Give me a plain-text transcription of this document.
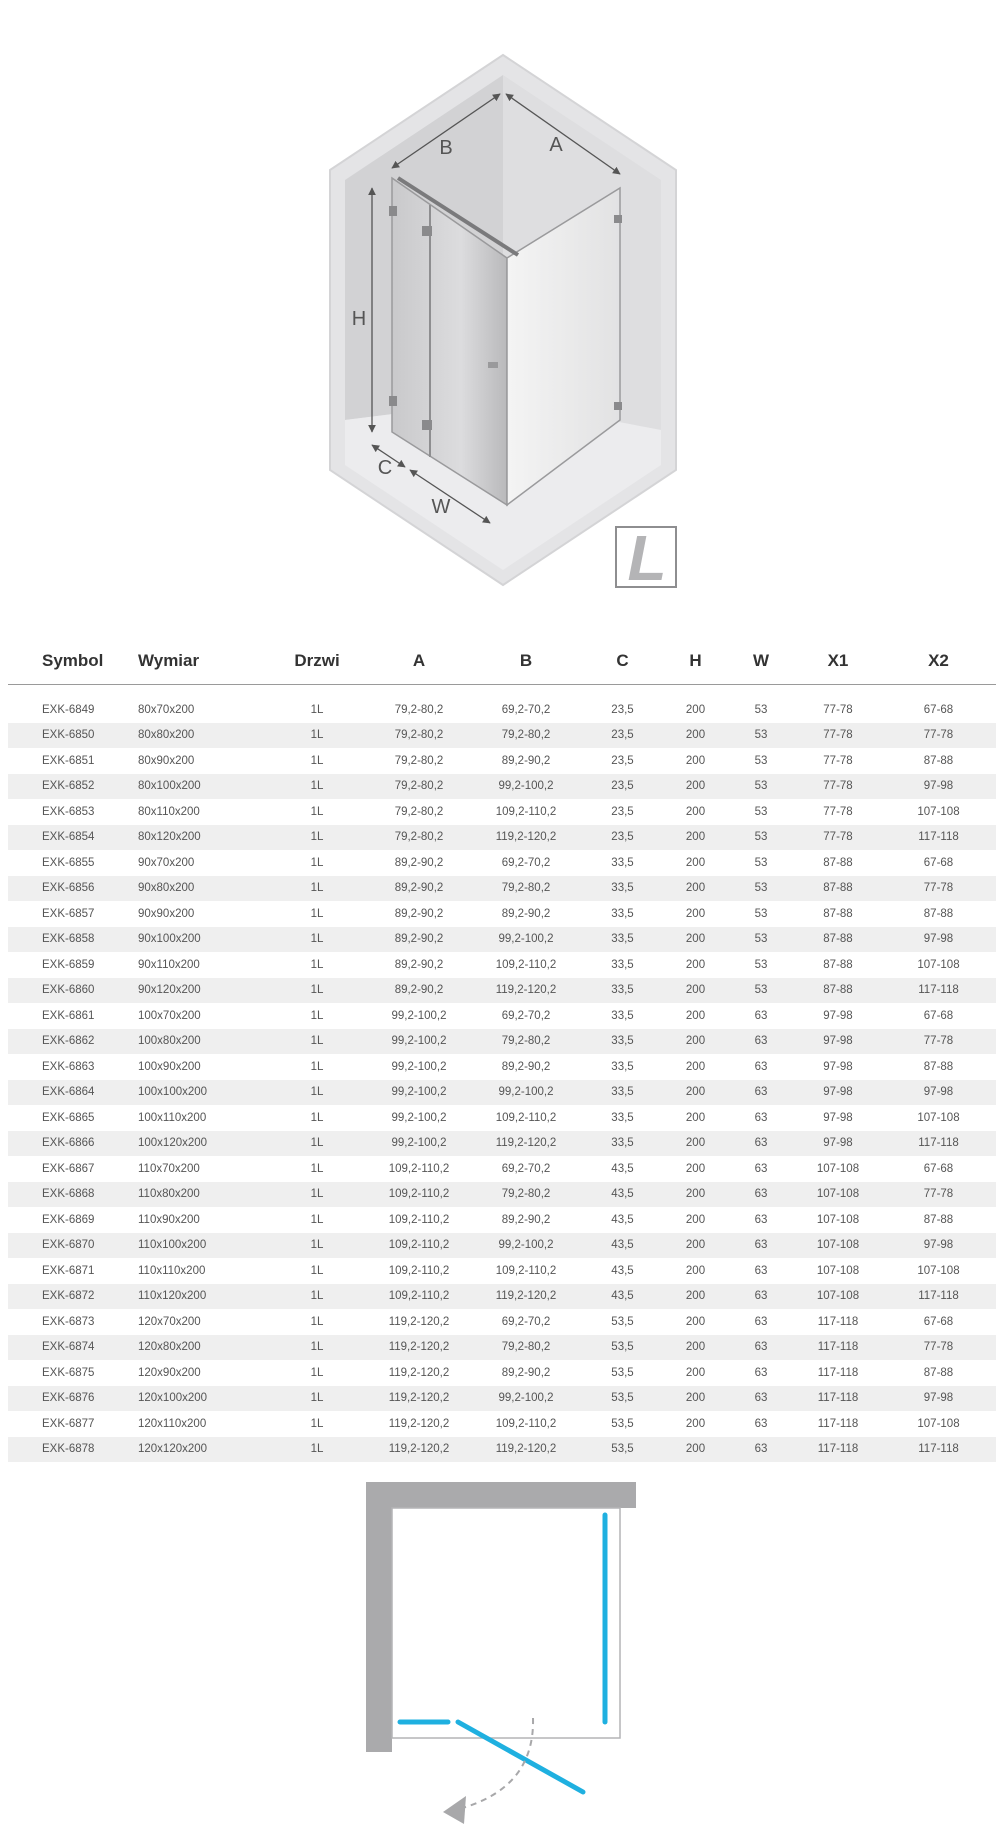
B	A
H
C
W
L
Symbol	Wymiar	Drzwi	A	B	C	H	W	X1	X2

EXK-6849	80x70x200	1L	79,2-80,2	69,2-70,2	23,5	200	53	77-78	67-68
EXK-6850	80x80x200	1L	79,2-80,2	79,2-80,2	23,5	200	53	77-78	77-78
EXK-6851	80x90x200	1L	79,2-80,2	89,2-90,2	23,5	200	53	77-78	87-88
EXK-6852	80x100x200	1L	79,2-80,2	99,2-100,2	23,5	200	53	77-78	97-98
EXK-6853	80x110x200	1L	79,2-80,2	109,2-110,2	23,5	200	53	77-78	107-108
EXK-6854	80x120x200	1L	79,2-80,2	119,2-120,2	23,5	200	53	77-78	117-118
EXK-6855	90x70x200	1L	89,2-90,2	69,2-70,2	33,5	200	53	87-88	67-68
EXK-6856	90x80x200	1L	89,2-90,2	79,2-80,2	33,5	200	53	87-88	77-78
EXK-6857	90x90x200	1L	89,2-90,2	89,2-90,2	33,5	200	53	87-88	87-88
EXK-6858	90x100x200	1L	89,2-90,2	99,2-100,2	33,5	200	53	87-88	97-98
EXK-6859	90x110x200	1L	89,2-90,2	109,2-110,2	33,5	200	53	87-88	107-108
EXK-6860	90x120x200	1L	89,2-90,2	119,2-120,2	33,5	200	53	87-88	117-118
EXK-6861	100x70x200	1L	99,2-100,2	69,2-70,2	33,5	200	63	97-98	67-68
EXK-6862	100x80x200	1L	99,2-100,2	79,2-80,2	33,5	200	63	97-98	77-78
EXK-6863	100x90x200	1L	99,2-100,2	89,2-90,2	33,5	200	63	97-98	87-88
EXK-6864	100x100x200	1L	99,2-100,2	99,2-100,2	33,5	200	63	97-98	97-98
EXK-6865	100x110x200	1L	99,2-100,2	109,2-110,2	33,5	200	63	97-98	107-108
EXK-6866	100x120x200	1L	99,2-100,2	119,2-120,2	33,5	200	63	97-98	117-118
EXK-6867	110x70x200	1L	109,2-110,2	69,2-70,2	43,5	200	63	107-108	67-68
EXK-6868	110x80x200	1L	109,2-110,2	79,2-80,2	43,5	200	63	107-108	77-78
EXK-6869	110x90x200	1L	109,2-110,2	89,2-90,2	43,5	200	63	107-108	87-88
EXK-6870	110x100x200	1L	109,2-110,2	99,2-100,2	43,5	200	63	107-108	97-98
EXK-6871	110x110x200	1L	109,2-110,2	109,2-110,2	43,5	200	63	107-108	107-108
EXK-6872	110x120x200	1L	109,2-110,2	119,2-120,2	43,5	200	63	107-108	117-118
EXK-6873	120x70x200	1L	119,2-120,2	69,2-70,2	53,5	200	63	117-118	67-68
EXK-6874	120x80x200	1L	119,2-120,2	79,2-80,2	53,5	200	63	117-118	77-78
EXK-6875	120x90x200	1L	119,2-120,2	89,2-90,2	53,5	200	63	117-118	87-88
EXK-6876	120x100x200	1L	119,2-120,2	99,2-100,2	53,5	200	63	117-118	97-98
EXK-6877	120x110x200	1L	119,2-120,2	109,2-110,2	53,5	200	63	117-118	107-108
EXK-6878	120x120x200	1L	119,2-120,2	119,2-120,2	53,5	200	63	117-118	117-118
